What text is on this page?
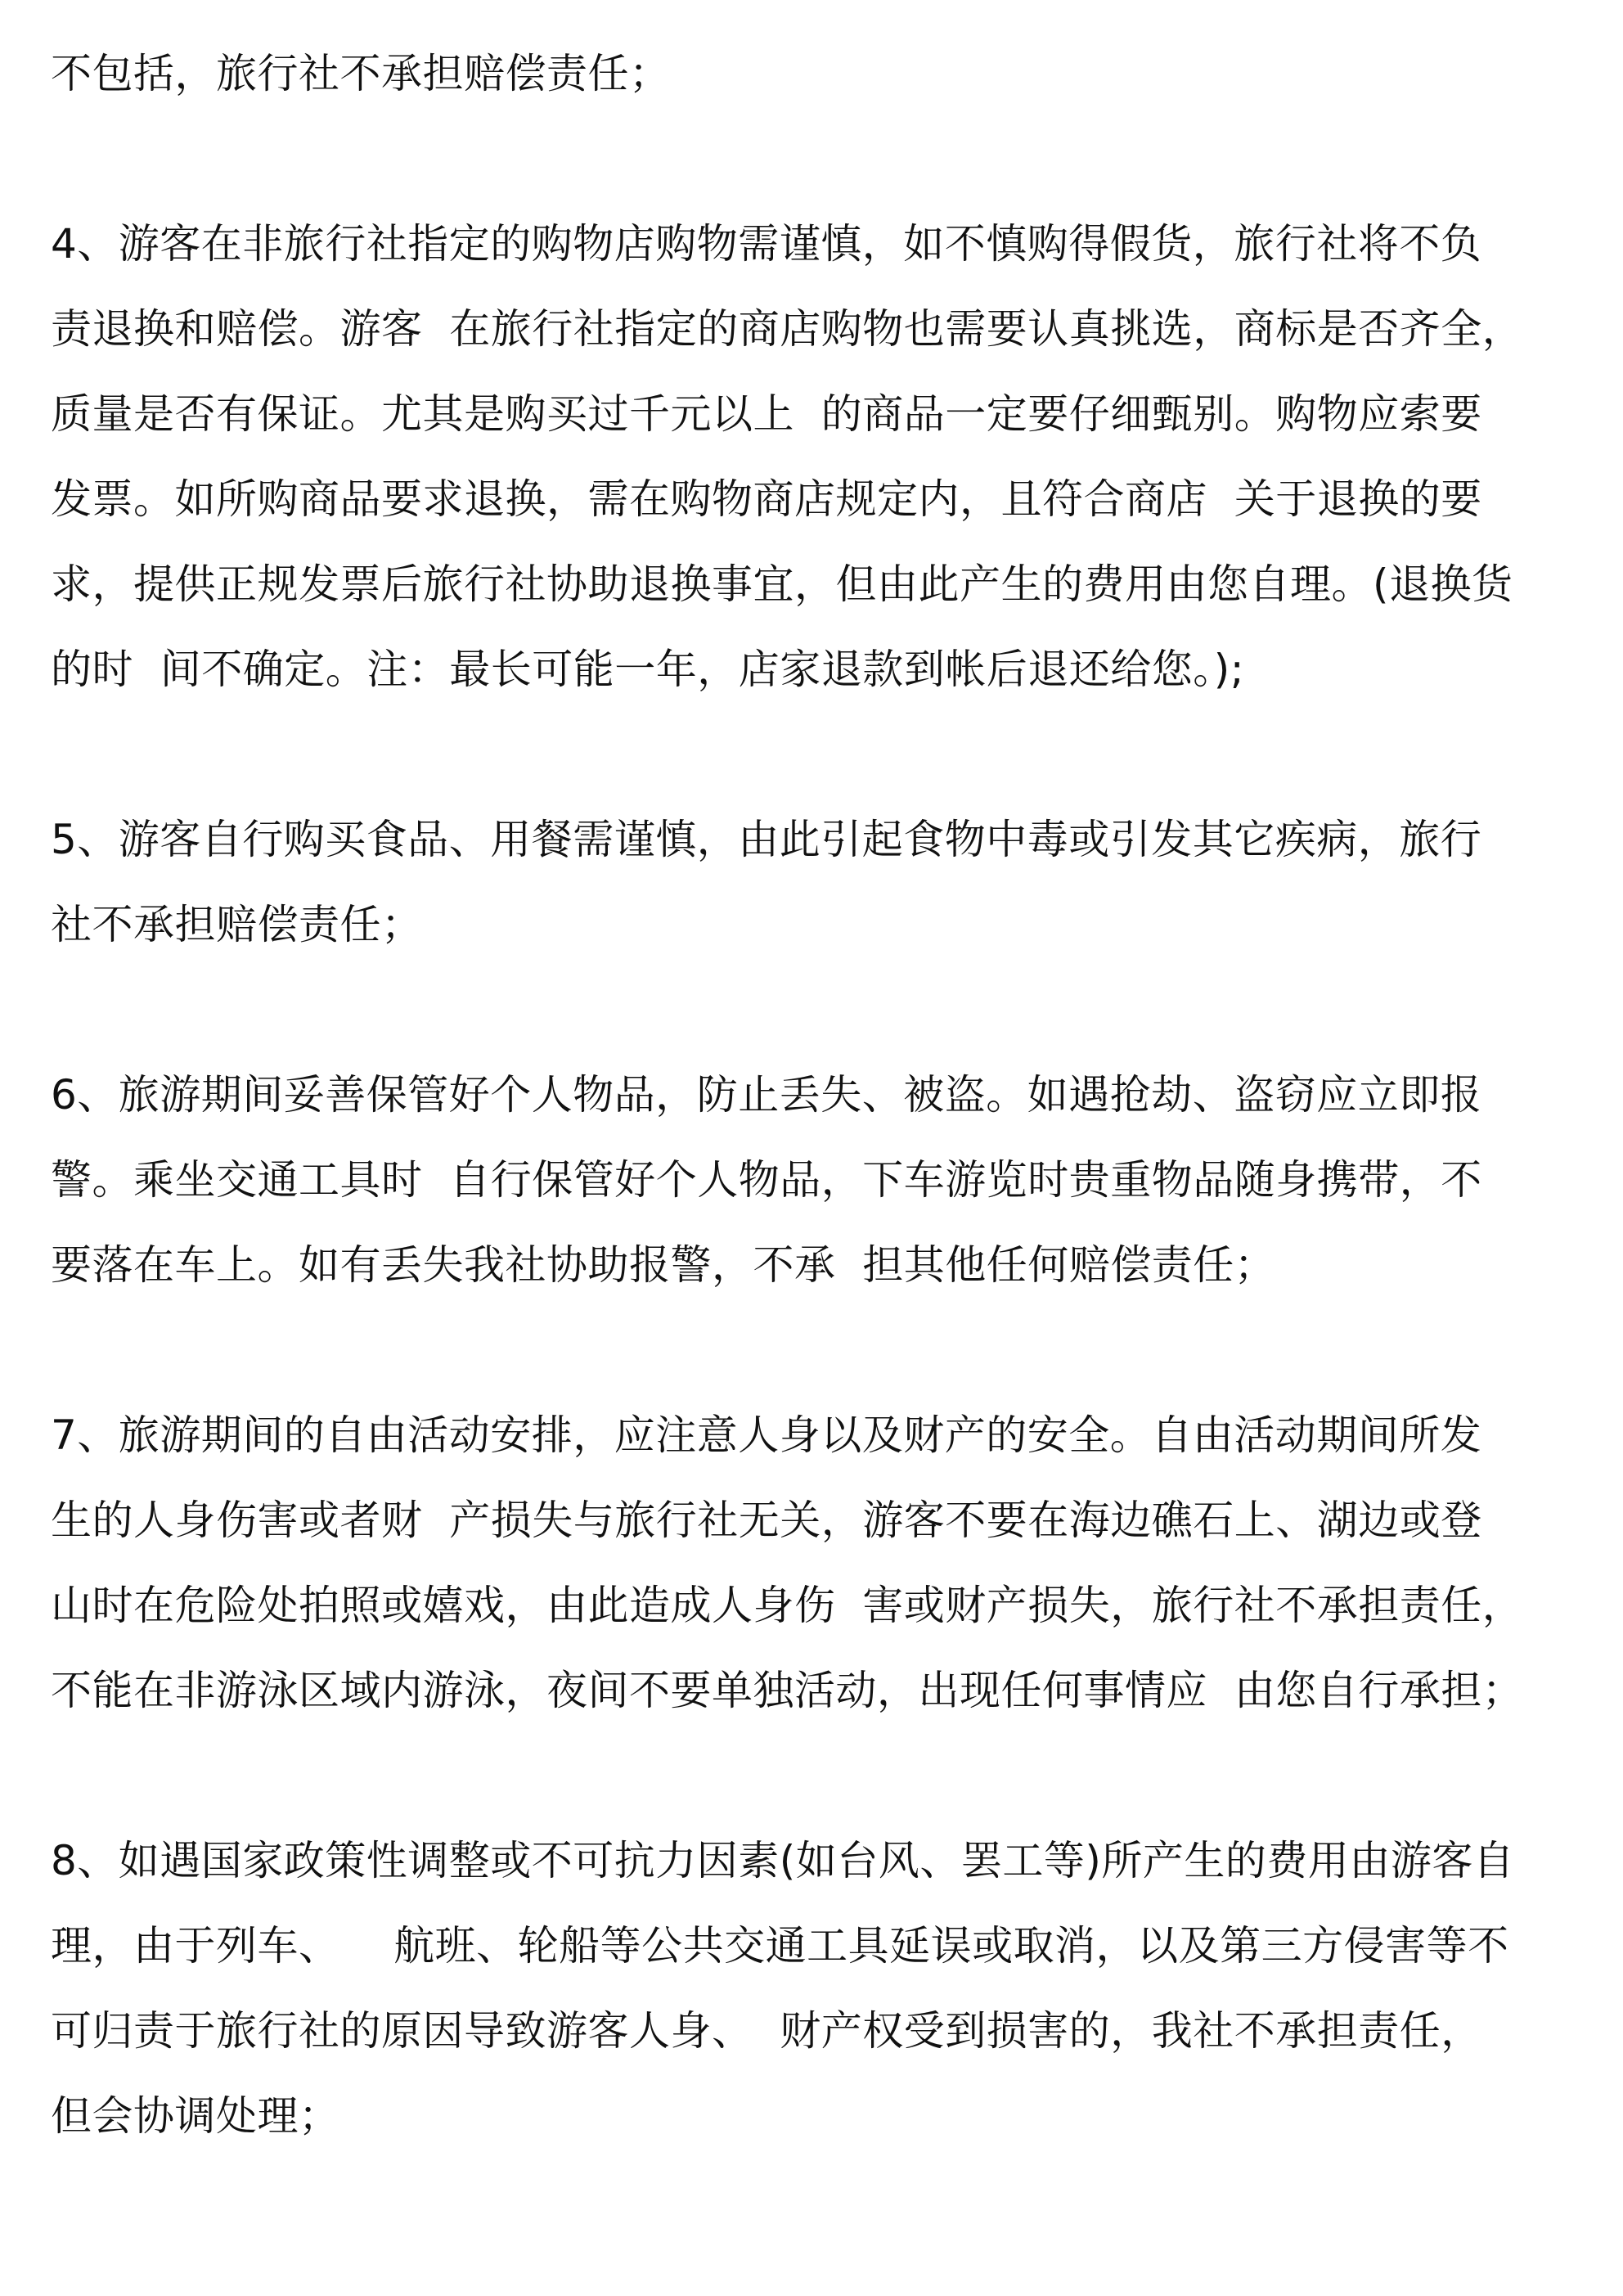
不包括，旅行社不承担赔偿责任；
4、游客在非旅行社指定的购物店购物需谨慎，如不慎购得假货，旅行社将不负
责退换和赔偿。游客  在旅行社指定的商店购物也需要认真挑选，商标是否齐全，
质量是否有保证。尤其是购买过千元以上  的商品一定要仔细甄别。购物应索要
发票。如所购商品要求退换，需在购物商店规定内，且符合商店  关于退换的要
求，提供正规发票后旅行社协助退换事宜，但由此产生的费用由您自理。(退换货
的时  间不确定。注：最长可能一年，店家退款到帐后退还给您。);
5、游客自行购买食品、用餐需谨慎，由此引起食物中毒或引发其它疾病，旅行
社不承担赔偿责任；
6、旅游期间妥善保管好个人物品，防止丢失、被盗。如遇抢劫、盗窃应立即报
警。乘坐交通工具时  自行保管好个人物品，下车游览时贵重物品随身携带，不
要落在车上。如有丢失我社协助报警，不承  担其他任何赔偿责任；
7、旅游期间的自由活动安排，应注意人身以及财产的安全。自由活动期间所发
生的人身伤害或者财  产损失与旅行社无关，游客不要在海边礁石上、湖边或登
山时在危险处拍照或嬉戏，由此造成人身伤  害或财产损失，旅行社不承担责任，
不能在非游泳区域内游泳，夜间不要单独活动，出现任何事情应  由您自行承担；
8、如遇国家政策性调整或不可抗力因素(如台风、罢工等)所产生的费用由游客自
理，由于列车、    航班、轮船等公共交通工具延误或取消，以及第三方侵害等不
可归责于旅行社的原因导致游客人身、  财产权受到损害的，我社不承担责任，
但会协调处理；
